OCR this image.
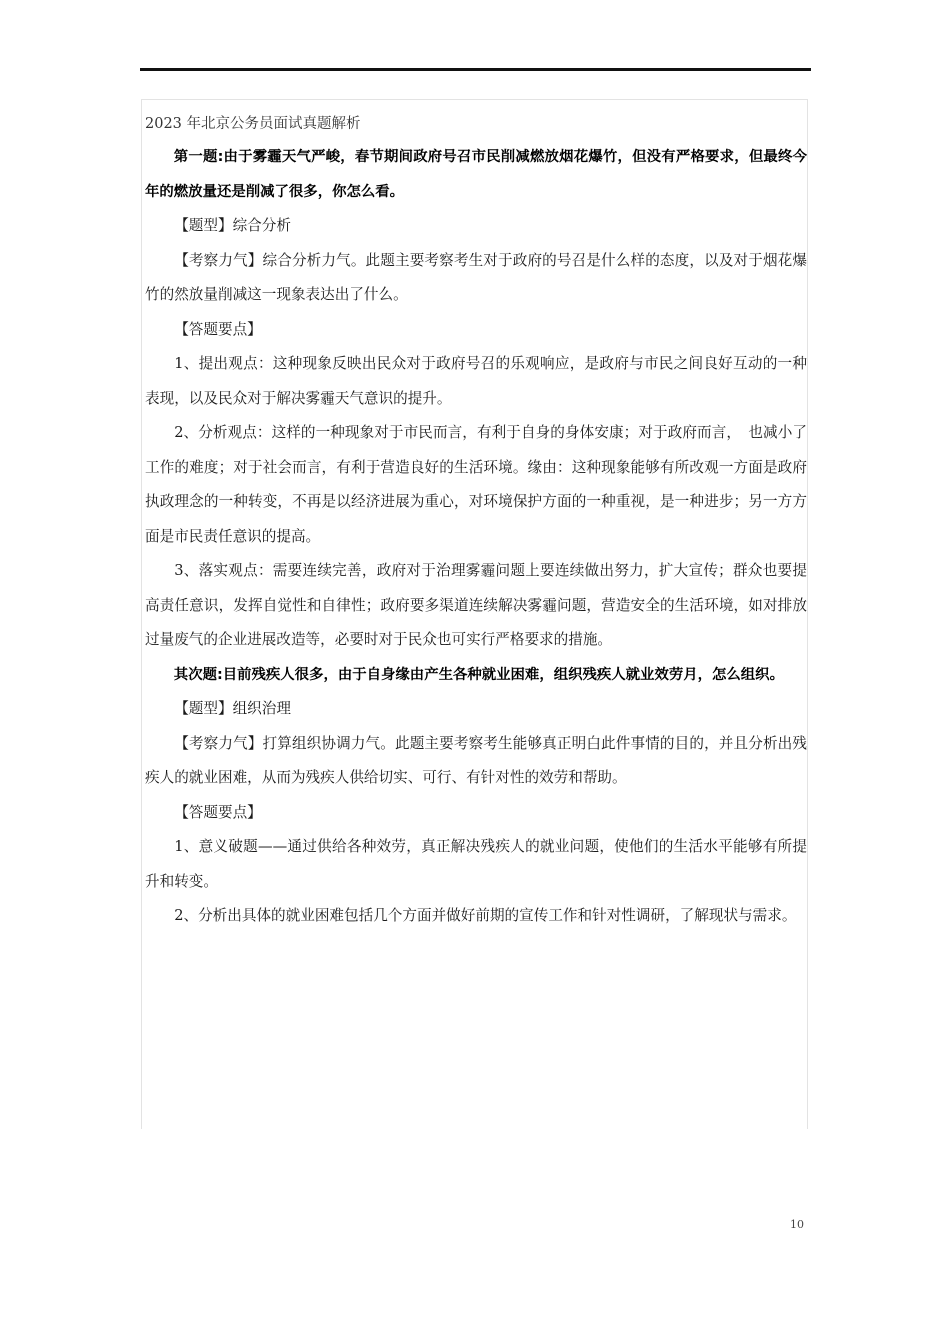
2023 年北京公务员面试真题解析

第一题:由于雾霾天气严峻，春节期间政府号召市民削减燃放烟花爆竹，但没有严格要求，但最终今年的燃放量还是削减了很多，你怎么看。

【题型】综合分析

【考察力气】综合分析力气。此题主要考察考生对于政府的号召是什么样的态度，以及对于烟花爆竹的然放量削减这一现象表达出了什么。

【答题要点】

1、提出观点：这种现象反映出民众对于政府号召的乐观响应，是政府与市民之间良好互动的一种表现，以及民众对于解决雾霾天气意识的提升。

2、分析观点：这样的一种现象对于市民而言，有利于自身的身体安康；对于政府而言，　也减小了工作的难度；对于社会而言，有利于营造良好的生活环境。缘由：这种现象能够有所改观一方面是政府执政理念的一种转变，不再是以经济进展为重心，对环境保护方面的一种重视，是一种进步；另一方方面是市民责任意识的提高。

3、落实观点：需要连续完善，政府对于治理雾霾问题上要连续做出努力，扩大宣传；群众也要提高责任意识，发挥自觉性和自律性；政府要多渠道连续解决雾霾问题，营造安全的生活环境，如对排放过量废气的企业进展改造等，必要时对于民众也可实行严格要求的措施。

其次题:目前残疾人很多，由于自身缘由产生各种就业困难，组织残疾人就业效劳月，怎么组织。

【题型】组织治理

【考察力气】打算组织协调力气。此题主要考察考生能够真正明白此件事情的目的，并且分析出残疾人的就业困难，从而为残疾人供给切实、可行、有针对性的效劳和帮助。

【答题要点】

1、意义破题——通过供给各种效劳，真正解决残疾人的就业问题，使他们的生活水平能够有所提升和转变。

2、分析出具体的就业困难包括几个方面并做好前期的宣传工作和针对性调研，了解现状与需求。

10
